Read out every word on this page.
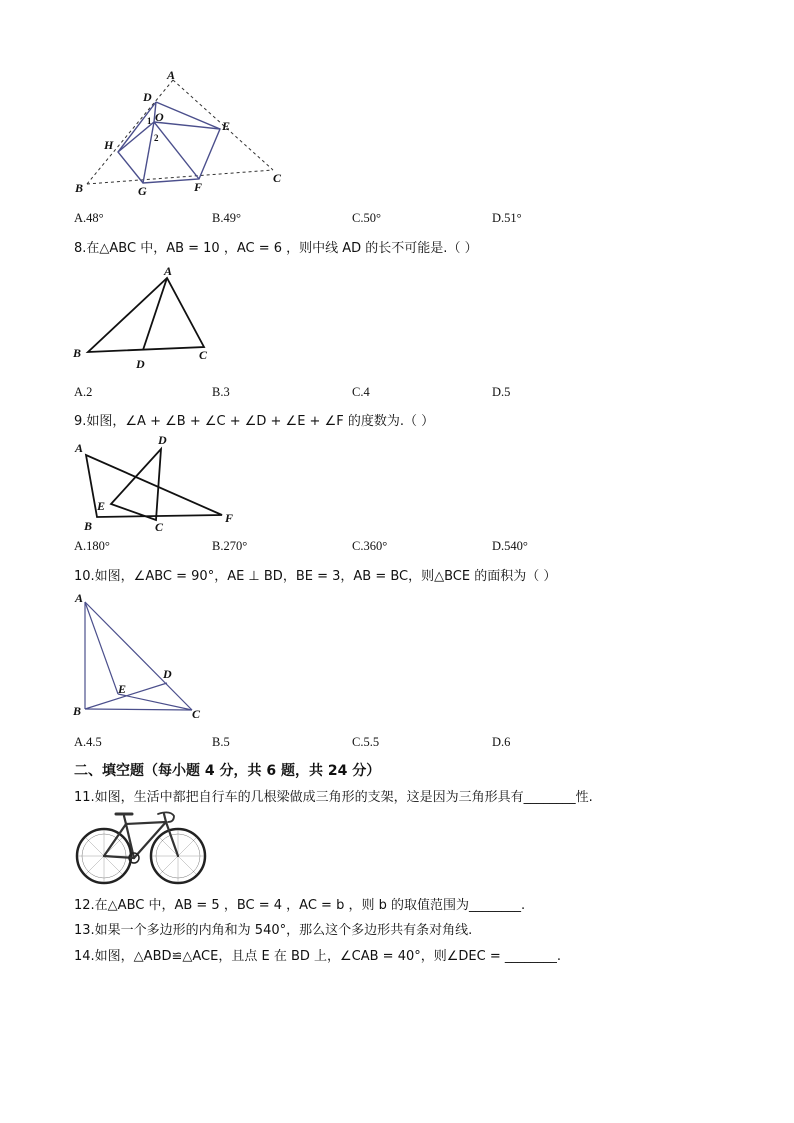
A
D
O
1
2
E
H
B	G	F
C
A.48°	B.49°	C.50°	D.51°
8.在△ABC 中，AB = 10 ，AC = 6 ，则中线 AD 的长不可能是.（ ）
A
B
D
C
A.2	B.3	C.4	D.5
9.如图，∠A + ∠B + ∠C + ∠D + ∠E + ∠F 的度数为.（ ）
A
D
E
B	C
F
A.180°	B.270°	C.360°	D.540°
10.如图，∠ABC = 90°，AE ⊥ BD，BE = 3，AB = BC，则△BCE 的面积为（ ）
A
D
E
B	C
A.4.5	B.5	C.5.5	D.6
二、填空题（每小题 4 分，共 6 题，共 24 分）
11.如图，生活中都把自行车的几根梁做成三角形的支架，这是因为三角形具有________性.
12.在△ABC 中，AB = 5 ，BC = 4 ，AC = b ，则 b 的取值范围为________.
13.如果一个多边形的内角和为 540°，那么这个多边形共有条对角线.
14.如图，△ABD≌△ACE，且点 E 在 BD 上，∠CAB = 40°，则∠DEC = ________.
